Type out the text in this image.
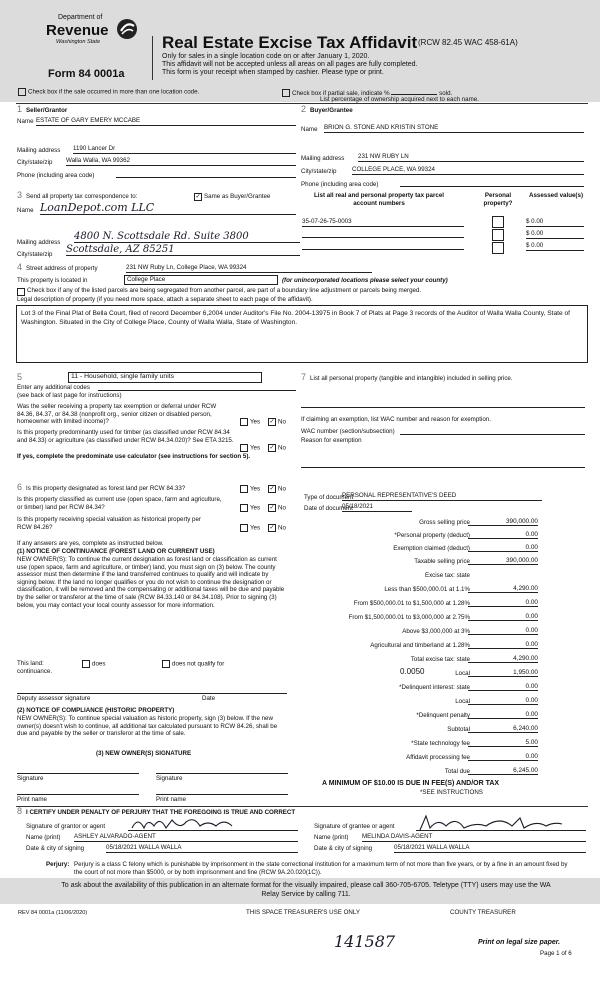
Department of
Revenue
Washington State
Form 84 0001a
Real Estate Excise Tax Affidavit (RCW 82.45 WAC 458-61A)
Only for sales in a single location code on or after January 1, 2020.
This affidavit will not be accepted unless all areas on all pages are fully completed.
This form is your receipt when stamped by cashier. Please type or print.
Check box if the sale occurred in more than one location code.	Check box if partial sale, indicate %	sold.
List percentage of ownership acquired next to each name.
1 Seller/Grantor
Name ESTATE OF GARY EMERY MCCABE
Mailing address 1190 Lancer Dr
City/state/zip Walla Walla, WA 99362
Phone (including area code)
2 Buyer/Grantee
Name BRION G. STONE AND KRISTIN STONE
Mailing address 231 NW RUBY LN
City/state/zip	COLLEGE PLACE, WA 99324
Phone (including area code)
3 Send all property tax correspondence to:	✓ Same as Buyer/Grantee
Name LoanDepot.com LLC
Mailing address
4800 N. Scottsdale Rd. Suite 3800
City/state/zip Scottsdale, AZ 85251
List all real and personal property tax parcel account numbers
Personal property?
Assessed value(s)
35-07-26-75-0003	$ 0.00
$ 0.00
$ 0.00
4 Street address of property	231 NW Ruby Ln, College Place, WA 99324
This property is located in	College Place	(for unincorporated locations please select your county)
Check box if any of the listed parcels are being segregated from another parcel, are part of a boundary line adjustment or parcels being merged.
Legal description of property (if you need more space, attach a separate sheet to each page of the affidavit).
Lot 3 of the Final Plat of Bella Court, filed of record December 6,2004 under Auditor's File No. 2004-13975 in Book 7 of Plats at Page 3 records of the Auditor of Walla Walla County, State of Washington. Situated in the City of College Place, County of Walla Walla, State of Washington.
5	11 - Household, single family units
Enter any additional codes
(see back of last page for instructions)
Was the seller receiving a property tax exemption or deferral under RCW 84.36, 84.37, or 84.38 (nonprofit org., senior citizen or disabled person, homeowner with limited income)?	Yes ✓ No
Is this property predominantly used for timber (as classified under RCW 84.34 and 84.33) or agriculture (as classified under RCW 84.34.020)? See ETA 3215.
Yes ✓ No
If yes, complete the predominate use calculator (see instructions for section 5).
7 List all personal property (tangible and intangible) included in selling price.
If claiming an exemption, list WAC number and reason for exemption.
WAC number (section/subsection)
Reason for exemption
6 Is this property designated as forest land per RCW 84.33?	Yes ✓ No
Is this property classified as current use (open space, farm and agriculture, or timber) land per RCW 84.34?	Yes ✓ No
Is this property receiving special valuation as historical property per RCW 84.26?	Yes ✓ No
If any answers are yes, complete as instructed below.
(1) NOTICE OF CONTINUANCE (FOREST LAND OR CURRENT USE)
NEW OWNER(S): To continue the current designation as forest land or classification as current use (open space, farm and agriculture, or timber) land, you must sign on (3) below. The county assessor must then determine if the land transferred continues to qualify and will indicate by signing below. If the land no longer qualifies or you do not wish to continue the designation or classification, it will be removed and the compensating or additional taxes will be due and payable by the seller or transferor at the time of sale (RCW 84.33.140 or 84.34.108). Prior to signing (3) below, you may contact your local county assessor for more information.
This land:	does	does not qualify for
continuance.
Deputy assessor signature	Date
(2) NOTICE OF COMPLIANCE (HISTORIC PROPERTY)
NEW OWNER(S): To continue special valuation as historic property, sign (3) below. If the new owner(s) doesn't wish to continue, all additional tax calculated pursuant to RCW 84.26, shall be due and payable by the seller or transferor at the time of sale.
(3) NEW OWNER(S) SIGNATURE
Signature	Signature
Print name	Print name
Type of document
PERSONAL REPRESENTATIVE'S DEED
Date of document
05/18/2021
Gross selling price	390,000.00
*Personal property (deduct)	0.00
Exemption claimed (deduct)	0.00
Taxable selling price	390,000.00
Excise tax: state
Less than $500,000.01 at 1.1%	4,290.00
From $500,000.01 to $1,500,000 at 1.28%	0.00
From $1,500,000.01 to $3,000,000 at 2.75%	0.00
Above $3,000,000 at 3%	0.00
Agricultural and timberland at 1.28%	0.00
Total excise tax: state	4,290.00
0.0050	Local	1,950.00
*Delinquent interest: state	0.00
Local	0.00
*Delinquent penalty	0.00
Subtotal	6,240.00
*State technology fee	5.00
Affidavit processing fee	0.00
Total due	6,245.00
A MINIMUM OF $10.00 IS DUE IN FEE(S) AND/OR TAX
*SEE INSTRUCTIONS
8 I CERTIFY UNDER PENALTY OF PERJURY THAT THE FOREGOING IS TRUE AND CORRECT
Signature of grantor or agent
Name (print) ASHLEY ALVARADO-AGENT
Date & city of signing	05/18/2021 WALLA WALLA
Signature of grantee or agent
Name (print) MELINDA DAVIS-AGENT
Date & city of signing	05/18/2021 WALLA WALLA
Perjury: Perjury is a class C felony which is punishable by imprisonment in the state correctional institution for a maximum term of not more than five years, or by a fine in an amount fixed by the court of not more than $5000, or by both imprisonment and fine (RCW 9A.20.020(1C)).
To ask about the availability of this publication in an alternate format for the visually impaired, please call 360-705-6705. Teletype (TTY) users may use the WA Relay Service by calling 711.
REV 84 0001a (11/06/2020)	THIS SPACE TREASURER'S USE ONLY	COUNTY TREASURER
141587	Print on legal size paper.
Page 1 of 6
